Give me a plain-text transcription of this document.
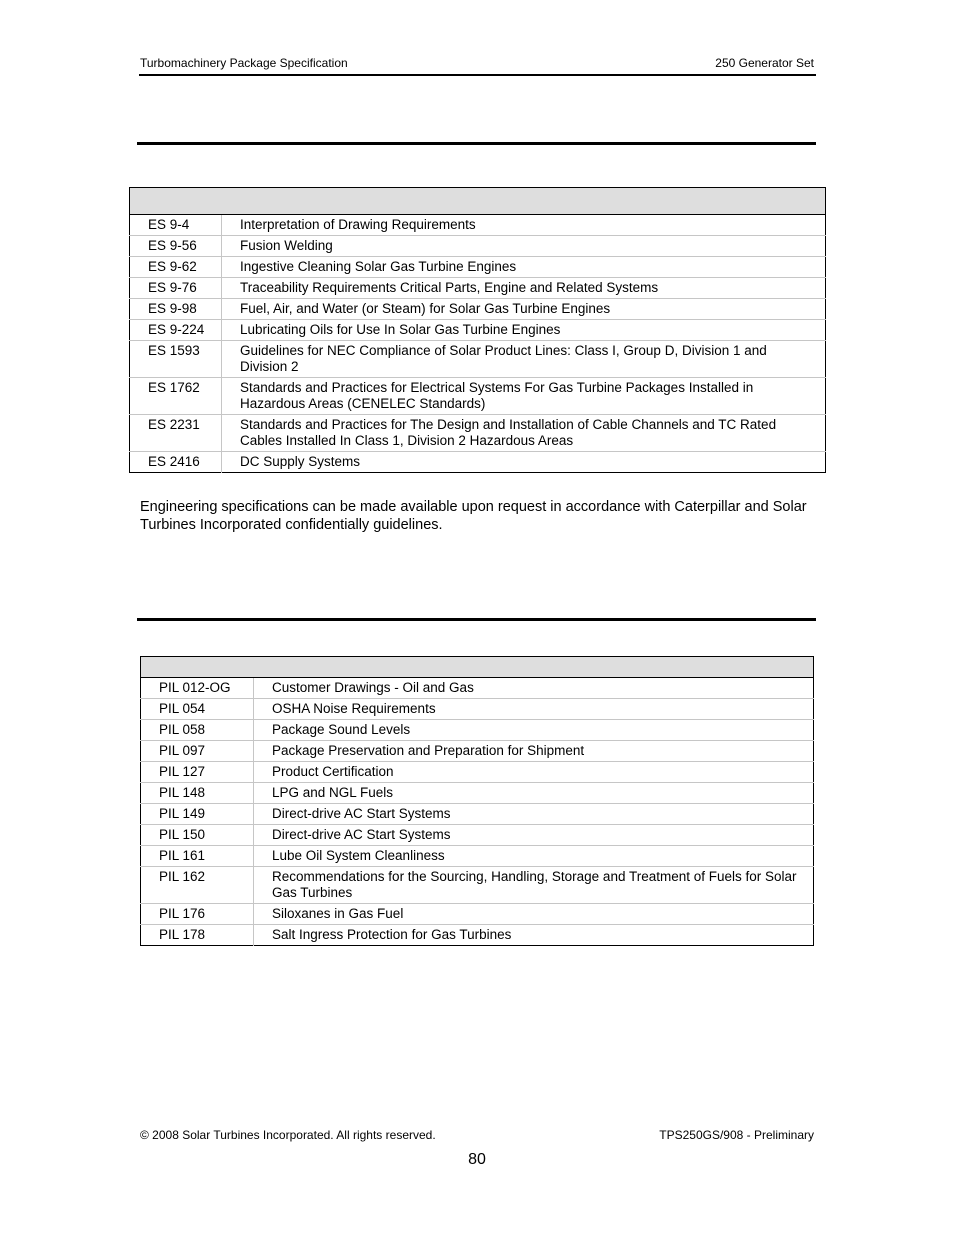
Turbomachinery Package Specification	250 Generator Set

ES 9-4	Interpretation of Drawing Requirements
ES 9-56	Fusion Welding
ES 9-62	Ingestive Cleaning Solar Gas Turbine Engines
ES 9-76	Traceability Requirements Critical Parts, Engine and Related Systems
ES 9-98	Fuel, Air, and Water (or Steam) for Solar Gas Turbine Engines
ES 9-224	Lubricating Oils for Use In Solar Gas Turbine Engines
ES 1593	Guidelines for NEC Compliance of Solar Product Lines: Class I, Group D, Division 1 and Division 2
ES 1762	Standards and Practices for Electrical Systems For Gas Turbine Packages Installed in Hazardous Areas (CENELEC Standards)
ES 2231	Standards and Practices for The Design and Installation of Cable Channels and TC Rated Cables Installed In Class 1, Division 2 Hazardous Areas
ES 2416	DC Supply Systems

Engineering specifications can be made available upon request in accordance with Caterpillar and Solar Turbines Incorporated confidentially guidelines.

PIL 012-OG	Customer Drawings - Oil and Gas
PIL 054	OSHA Noise Requirements
PIL 058	Package Sound Levels
PIL 097	Package Preservation and Preparation for Shipment
PIL 127	Product Certification
PIL 148	LPG and NGL Fuels
PIL 149	Direct-drive AC Start Systems
PIL 150	Direct-drive AC Start Systems
PIL 161	Lube Oil System Cleanliness
PIL 162	Recommendations for the Sourcing, Handling, Storage and Treatment of Fuels for Solar Gas Turbines
PIL 176	Siloxanes in Gas Fuel
PIL 178	Salt Ingress Protection for Gas Turbines
© 2008 Solar Turbines Incorporated. All rights reserved.	TPS250GS/908 - Preliminary
80
